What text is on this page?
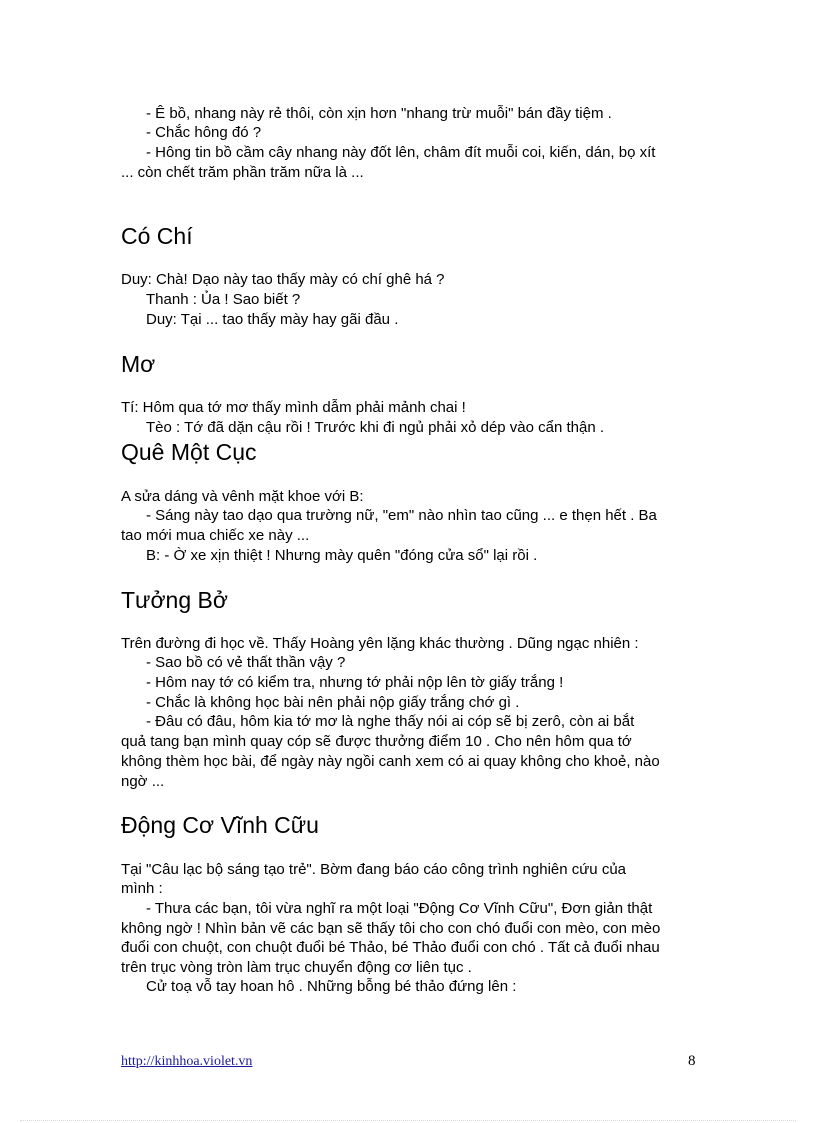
- Ê bồ, nhang này rẻ thôi, còn xịn hơn "nhang trừ muỗi" bán đầy tiệm .
- Chắc hông đó ?
- Hông tin bồ cầm cây nhang này đốt lên, châm đít muỗi coi, kiến, dán, bọ xít
... còn chết trăm phần trăm nữa là ...
Có Chí
Duy: Chà! Dạo này tao thấy mày có chí ghê há ?
Thanh : Ủa ! Sao biết ?
Duy: Tại ... tao thấy mày hay gãi đầu .
Mơ
Tí: Hôm qua tớ mơ thấy mình dẫm phải mảnh chai !
Tèo : Tớ đã dặn cậu rồi ! Trước khi đi ngủ phải xỏ dép vào cẩn thận .
Quê Một Cục
A sửa dáng và vênh mặt khoe với B:
- Sáng này tao dạo qua trường nữ, "em" nào nhìn tao cũng ... e thẹn hết . Ba
tao mới mua chiếc xe này ...
B: - Ờ xe xịn thiệt ! Nhưng mày quên "đóng cửa sổ" lại rồi .
Tưởng Bở
Trên đường đi học về. Thấy Hoàng yên lặng khác thường . Dũng ngạc nhiên :
- Sao bồ có vẻ thất thần vậy ?
- Hôm nay tớ có kiểm tra, nhưng tớ phải nộp lên tờ giấy trắng !
- Chắc là không học bài nên phải nộp giấy trắng chớ gì .
- Đâu có đâu, hôm kia tớ mơ là nghe thấy nói ai cóp sẽ bị zerô, còn ai bắt
quả tang bạn mình quay cóp sẽ được thưởng điểm 10 . Cho nên hôm qua tớ
không thèm học bài, để ngày này ngồi canh xem có ai quay không cho khoẻ, nào
ngờ ...
Động Cơ Vĩnh Cữu
Tại "Câu lạc bộ sáng tạo trẻ". Bờm đang báo cáo công trình nghiên cứu của
mình :
- Thưa các bạn, tôi vừa nghĩ ra một loại "Động Cơ Vĩnh Cữu", Đơn giản thật
không ngờ ! Nhìn bản vẽ các bạn sẽ thấy tôi cho con chó đuổi con mèo, con mèo
đuổi con chuột, con chuột đuổi bé Thảo, bé Thảo đuổi con chó . Tất cả đuổi nhau
trên trục vòng tròn làm trục chuyển động cơ liên tục .
Cử toạ vỗ tay hoan hô . Những bỗng bé thảo đứng lên :
http://kinhhoa.violet.vn	8
